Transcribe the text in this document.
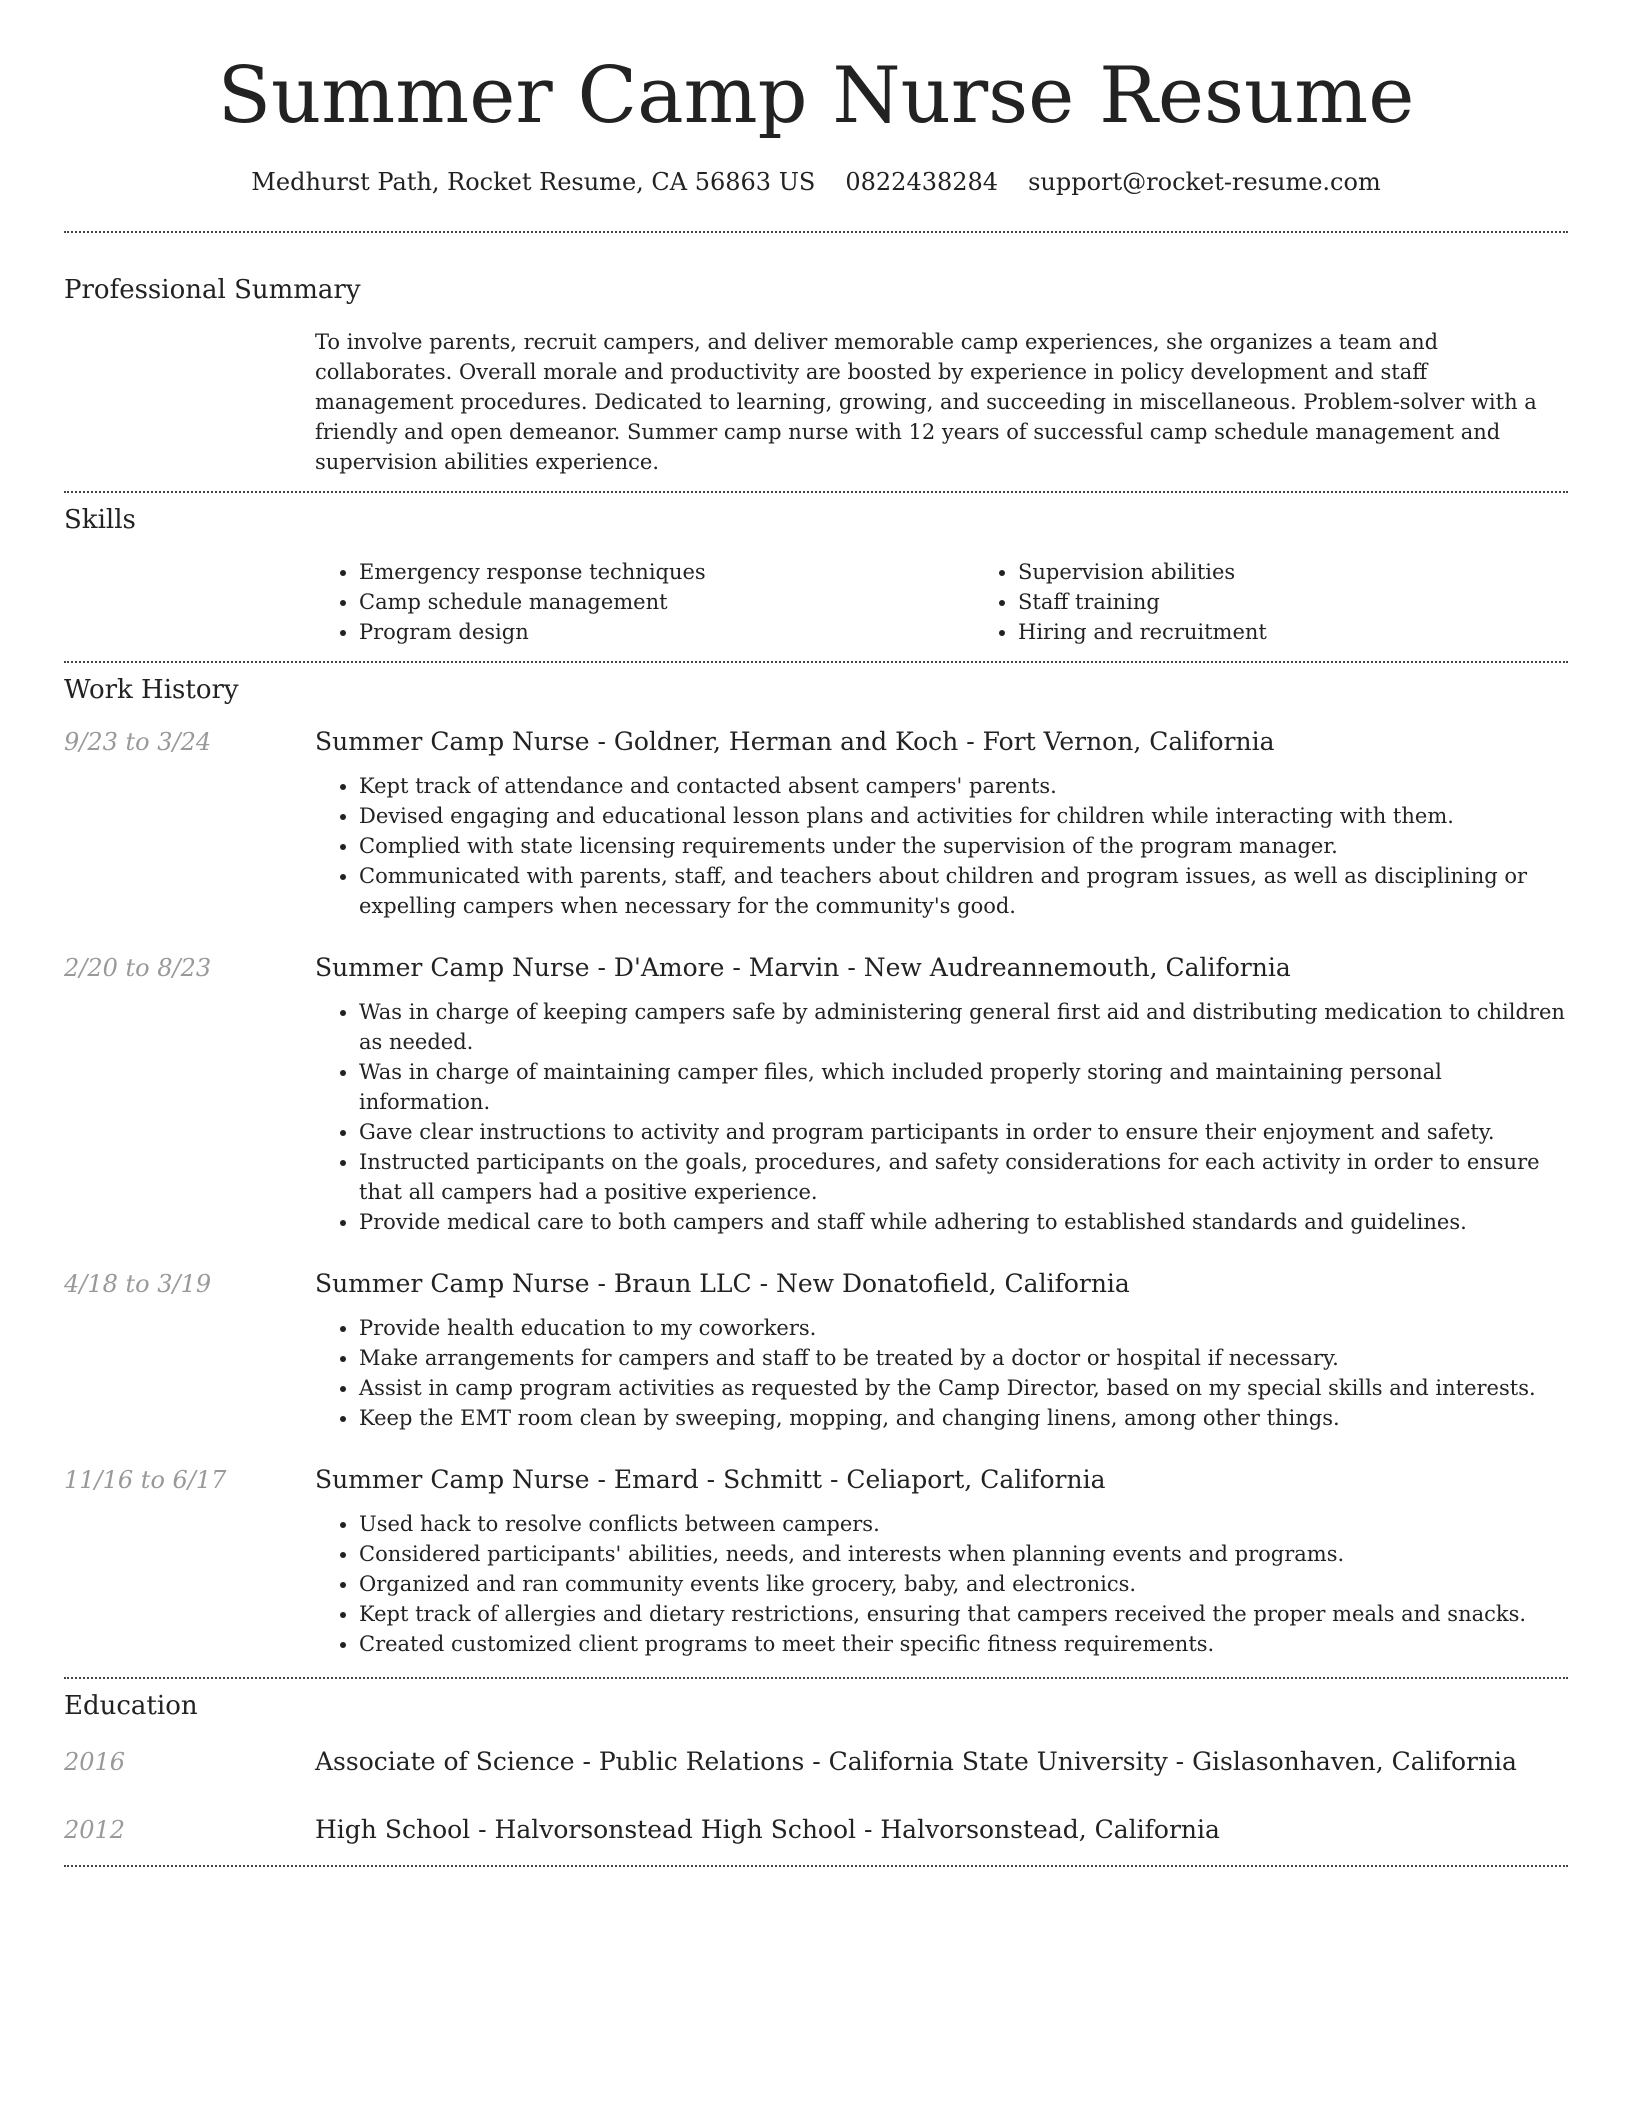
Summer Camp Nurse Resume
Medhurst Path, Rocket Resume, CA 56863 US 0822438284 support@rocket-resume.com
Professional Summary

To involve parents, recruit campers, and deliver memorable camp experiences, she organizes a team and collaborates. Overall morale and productivity are boosted by experience in policy development and staff management procedures. Dedicated to learning, growing, and succeeding in miscellaneous. Problem-solver with a friendly and open demeanor. Summer camp nurse with 12 years of successful camp schedule management and supervision abilities experience.

Skills
• Emergency response techniques
• Camp schedule management
• Program design
• Supervision abilities
• Staff training
• Hiring and recruitment
Work History
9/23 to 3/24	Summer Camp Nurse - Goldner, Herman and Koch - Fort Vernon, California
• Kept track of attendance and contacted absent campers' parents.
• Devised engaging and educational lesson plans and activities for children while interacting with them.
• Complied with state licensing requirements under the supervision of the program manager.
• Communicated with parents, staff, and teachers about children and program issues, as well as disciplining or expelling campers when necessary for the community's good.
2/20 to 8/23	Summer Camp Nurse - D'Amore - Marvin - New Audreannemouth, California
• Was in charge of keeping campers safe by administering general first aid and distributing medication to children as needed.
• Was in charge of maintaining camper files, which included properly storing and maintaining personal information.
• Gave clear instructions to activity and program participants in order to ensure their enjoyment and safety.
• Instructed participants on the goals, procedures, and safety considerations for each activity in order to ensure that all campers had a positive experience.
• Provide medical care to both campers and staff while adhering to established standards and guidelines.
4/18 to 3/19	Summer Camp Nurse - Braun LLC - New Donatofield, California
• Provide health education to my coworkers.
• Make arrangements for campers and staff to be treated by a doctor or hospital if necessary.
• Assist in camp program activities as requested by the Camp Director, based on my special skills and interests.
• Keep the EMT room clean by sweeping, mopping, and changing linens, among other things.
11/16 to 6/17	Summer Camp Nurse - Emard - Schmitt - Celiaport, California
• Used hack to resolve conflicts between campers.
• Considered participants' abilities, needs, and interests when planning events and programs.
• Organized and ran community events like grocery, baby, and electronics.
• Kept track of allergies and dietary restrictions, ensuring that campers received the proper meals and snacks.
• Created customized client programs to meet their specific fitness requirements.
Education
2016	Associate of Science - Public Relations - California State University - Gislasonhaven, California
2012	High School - Halvorsonstead High School - Halvorsonstead, California
